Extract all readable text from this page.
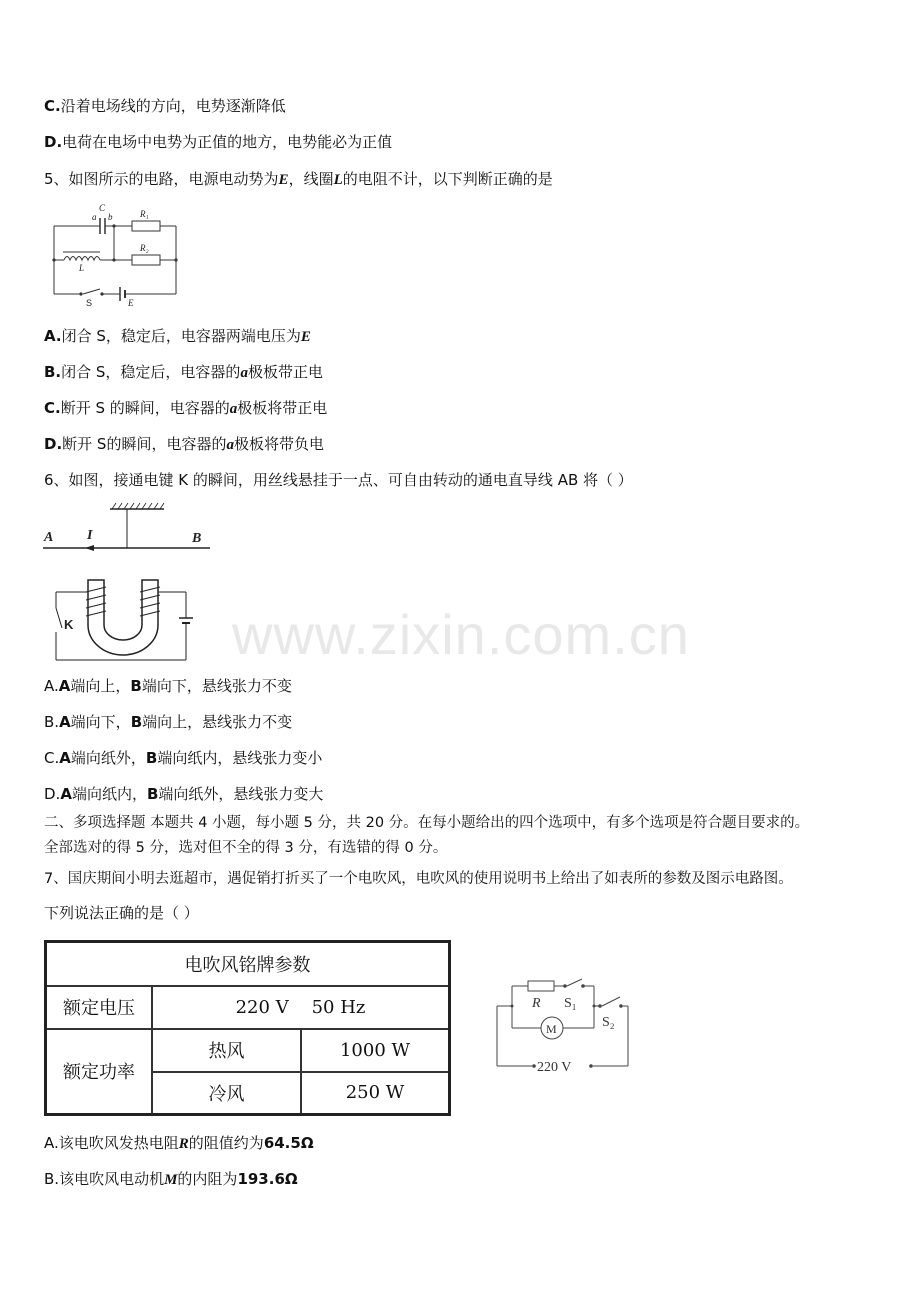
C.沿着电场线的方向，电势逐渐降低
D.电荷在电场中电势为正值的地方，电势能必为正值
5、如图所示的电路，电源电动势为E，线圈L的电阻不计，以下判断正确的是
C
a b	R₁
R₂
L
E
S
A.闭合 S，稳定后，电容器两端电压为E
B.闭合 S，稳定后，电容器的a极板带正电
C.断开 S 的瞬间，电容器的a极板将带正电
D.断开 S的瞬间，电容器的a极板将带负电
6、如图，接通电键 K 的瞬间，用丝线悬挂于一点、可自由转动的通电直导线 AB 将（ ）
A I	B
K	www.zixin.com.cn
A.A端向上，B端向下，悬线张力不变
B.A端向下，B端向上，悬线张力不变
C.A端向纸外，B端向纸内，悬线张力变小
D.A端向纸内，B端向纸外，悬线张力变大
二、多项选择题 本题共 4 小题，每小题 5 分，共 20 分。在每小题给出的四个选项中，有多个选项是符合题目要求的。
全部选对的得 5 分，选对但不全的得 3 分，有选错的得 0 分。
7、国庆期间小明去逛超市，遇促销打折买了一个电吹风，电吹风的使用说明书上给出了如表所的参数及图示电路图。
下列说法正确的是（ ）
电吹风铭牌参数		
额定电压	220 V    50 Hz	
额定功率	热风	1000 W
	冷风	250 W
R S₁
S₂
M
220 V
A.该电吹风发热电阻R的阻值约为64.5Ω
B.该电吹风电动机M的内阻为193.6Ω
